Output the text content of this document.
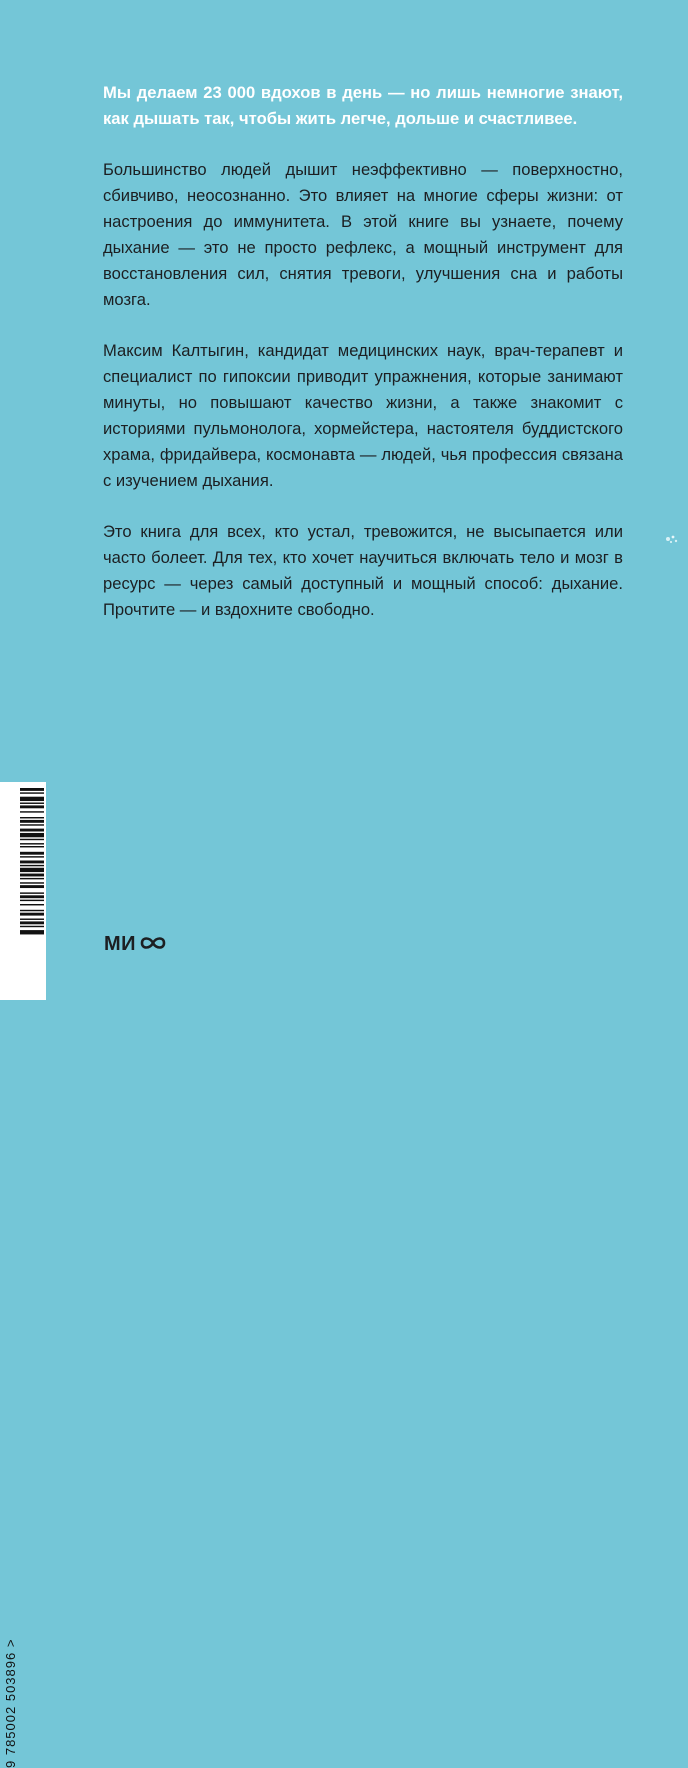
Мы делаем 23 000 вдохов в день — но лишь немногие знают, как дышать так, чтобы жить легче, дольше и счастливее.

Большинство людей дышит неэффективно — поверхностно, сбивчиво, неосознанно. Это влияет на многие сферы жизни: от настроения до иммунитета. В этой книге вы узнаете, почему дыхание — это не просто рефлекс, а мощный инструмент для восстановления сил, снятия тревоги, улучшения сна и работы мозга.

Максим Калтыгин, кандидат медицинских наук, врач-терапевт и специалист по гипоксии приводит упражнения, которые занимают минуты, но повышают качество жизни, а также знакомит с историями пульмонолога, хормейстера, настоятеля буддистского храма, фридайвера, космонавта — людей, чья профессия связана с изучением дыхания.

Это книга для всех, кто устал, тревожится, не высыпается или часто болеет. Для тех, кто хочет научиться включать тело и мозг в ресурс — через самый доступный и мощный способ: дыхание. Прочтите — и вздохните свободно.

9 785002 503896 >
МИ
